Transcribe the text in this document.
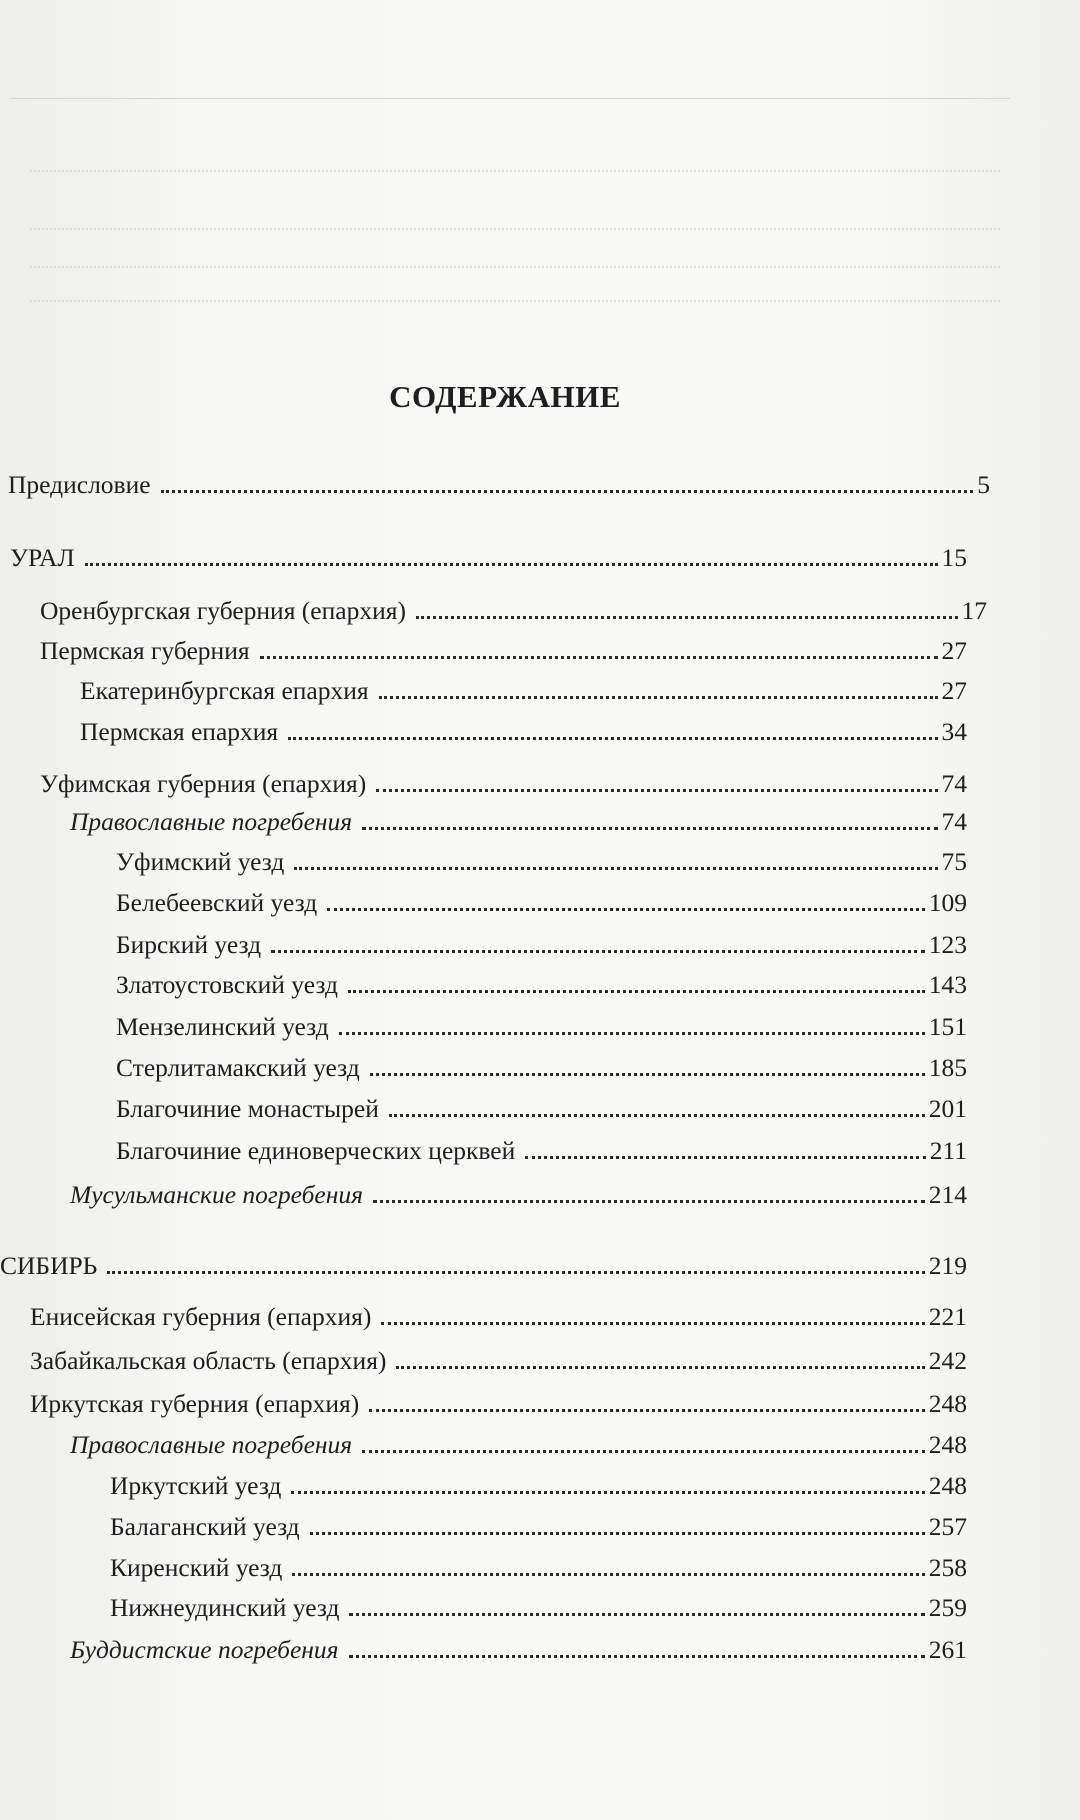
СОДЕРЖАНИЕ
Предисловие	5
УРАЛ	15
Оренбургская губерния (епархия)	17
Пермская губерния	27
Екатеринбургская епархия	27
Пермская епархия	34
Уфимская губерния (епархия)	74
Православные погребения	74
Уфимский уезд	75
Белебеевский уезд	109
Бирский уезд	123
Златоустовский уезд	143
Мензелинский уезд	151
Стерлитамакский уезд	185
Благочиние монастырей	201
Благочиние единоверческих церквей	211
Мусульманские погребения	214
СИБИРЬ	219
Енисейская губерния (епархия)	221
Забайкальская область (епархия)	242
Иркутская губерния (епархия)	248
Православные погребения	248
Иркутский уезд	248
Балаганский уезд	257
Киренский уезд	258
Нижнеудинский уезд	259
Буддистские погребения	261
